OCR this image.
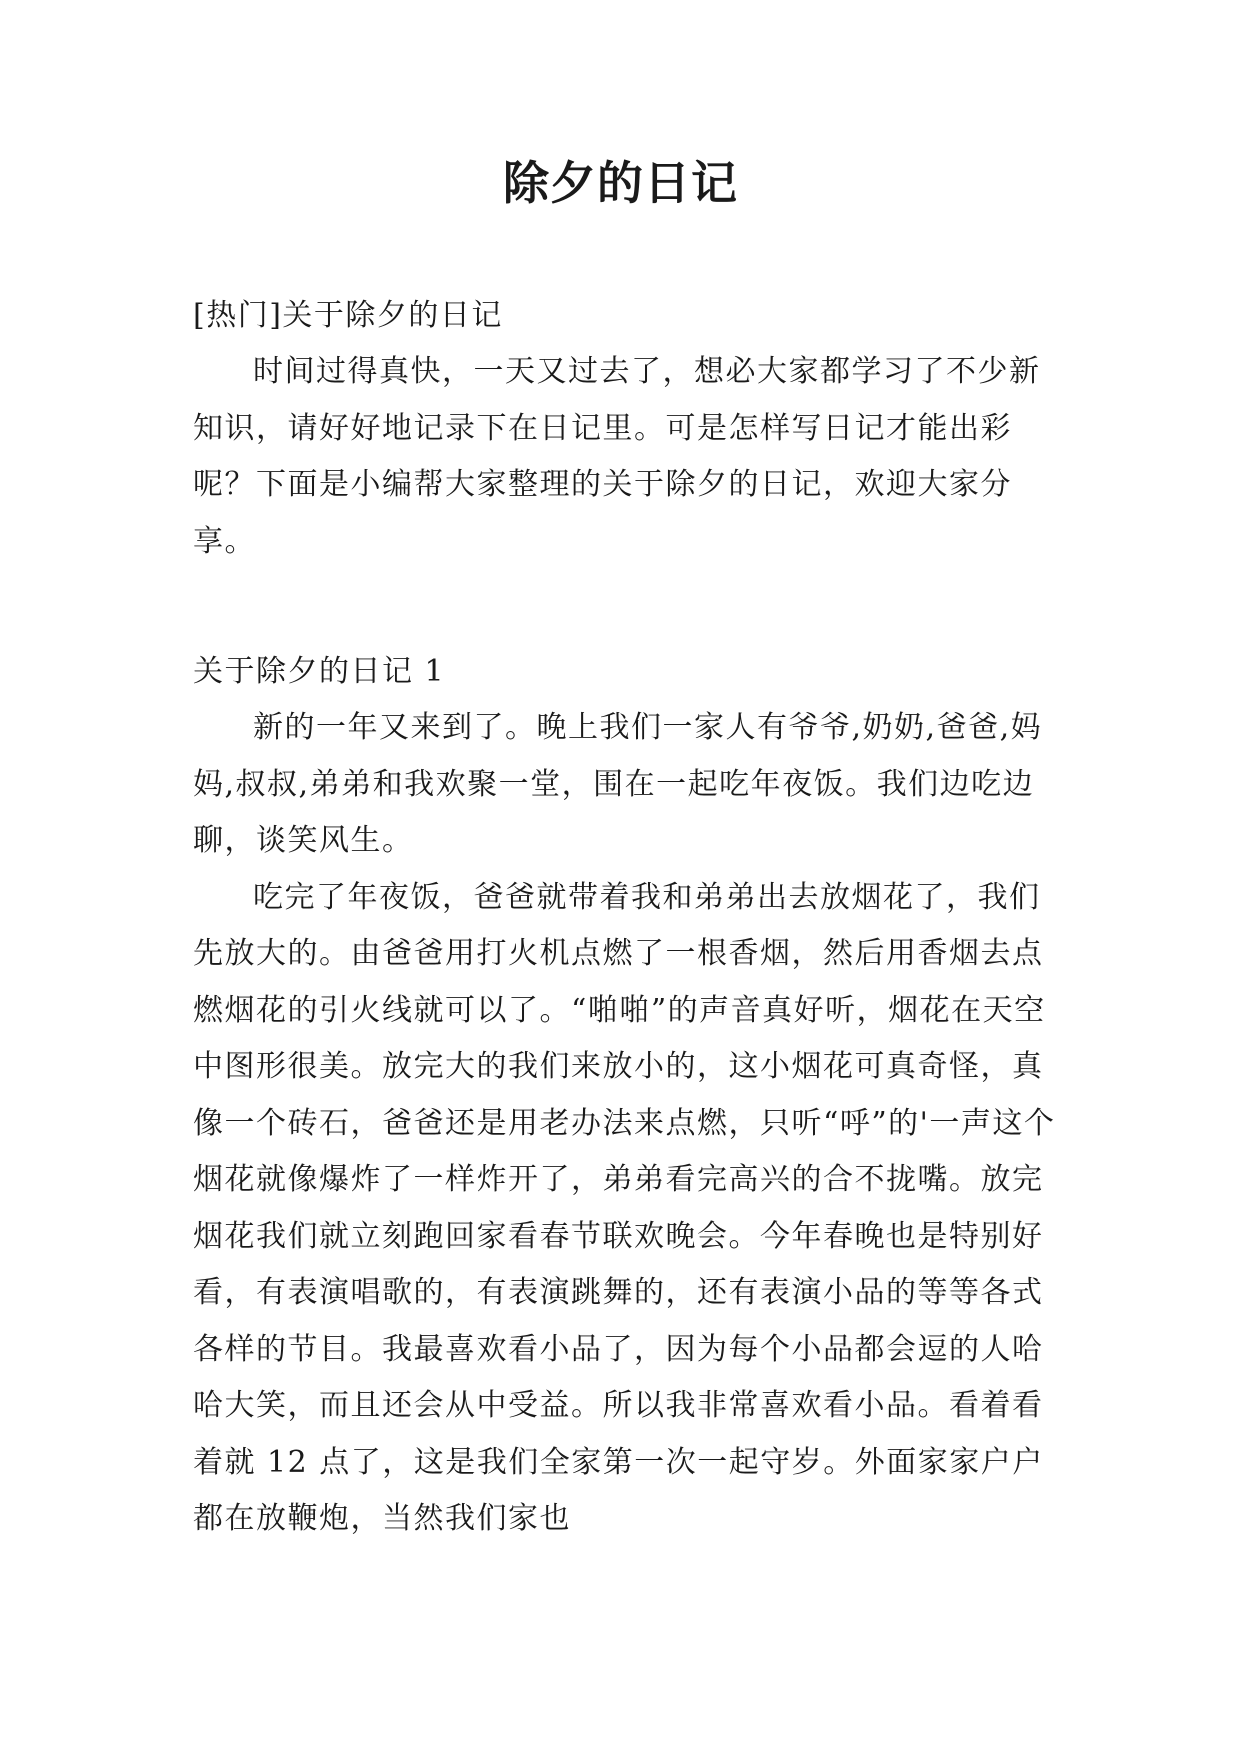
除夕的日记
[热门]关于除夕的日记

时间过得真快，一天又过去了，想必大家都学习了不少新知识，请好好地记录下在日记里。可是怎样写日记才能出彩呢？下面是小编帮大家整理的关于除夕的日记，欢迎大家分享。

关于除夕的日记 1

新的一年又来到了。晚上我们一家人有爷爷,奶奶,爸爸,妈妈,叔叔,弟弟和我欢聚一堂，围在一起吃年夜饭。我们边吃边聊，谈笑风生。

吃完了年夜饭，爸爸就带着我和弟弟出去放烟花了，我们先放大的。由爸爸用打火机点燃了一根香烟，然后用香烟去点燃烟花的引火线就可以了。“啪啪”的声音真好听，烟花在天空中图形很美。放完大的我们来放小的，这小烟花可真奇怪，真像一个砖石，爸爸还是用老办法来点燃，只听“呼”的'一声这个烟花就像爆炸了一样炸开了，弟弟看完高兴的合不拢嘴。放完烟花我们就立刻跑回家看春节联欢晚会。今年春晚也是特别好看，有表演唱歌的，有表演跳舞的，还有表演小品的等等各式各样的节目。我最喜欢看小品了，因为每个小品都会逗的人哈哈大笑，而且还会从中受益。所以我非常喜欢看小品。看着看着就 12 点了，这是我们全家第一次一起守岁。外面家家户户都在放鞭炮，当然我们家也
